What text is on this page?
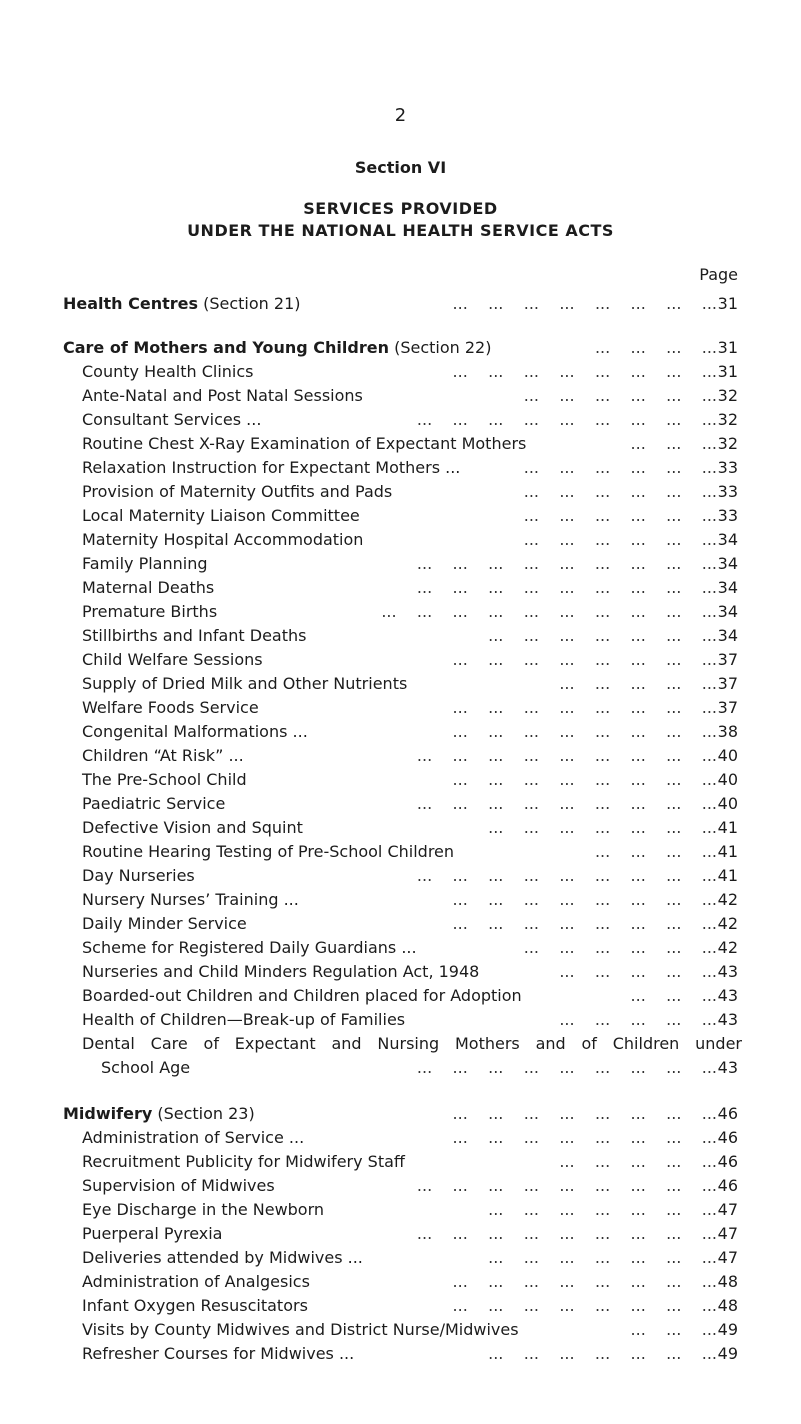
2
Section VI
SERVICES PROVIDED
UNDER THE NATIONAL HEALTH SERVICE ACTS
Page
Health Centres (Section 21)	...    ...    ...    ...    ...    ...    ...    ... 31
Care of Mothers and Young Children (Section 22)	...    ...    ...    ... 31
County Health Clinics	...    ...    ...    ...    ...    ...    ...    ... 31
Ante-Natal and Post Natal Sessions	...    ...    ...    ...    ...    ... 32
Consultant Services ...	...    ...    ...    ...    ...    ...    ...    ...    ... 32
Routine Chest X-Ray Examination of Expectant Mothers	...    ...    ... 32
Relaxation Instruction for Expectant Mothers ...	...    ...    ...    ...    ...    ... 33
Provision of Maternity Outfits and Pads	...    ...    ...    ...    ...    ... 33
Local Maternity Liaison Committee	...    ...    ...    ...    ...    ... 33
Maternity Hospital Accommodation	...    ...    ...    ...    ...    ... 34
Family Planning	...    ...    ...    ...    ...    ...    ...    ...    ... 34
Maternal Deaths	...    ...    ...    ...    ...    ...    ...    ...    ... 34
Premature Births	...    ...    ...    ...    ...    ...    ...    ...    ...    ... 34
Stillbirths and Infant Deaths	...    ...    ...    ...    ...    ...    ... 34
Child Welfare Sessions	...    ...    ...    ...    ...    ...    ...    ... 37
Supply of Dried Milk and Other Nutrients	...    ...    ...    ...    ... 37
Welfare Foods Service	...    ...    ...    ...    ...    ...    ...    ... 37
Congenital Malformations ...	...    ...    ...    ...    ...    ...    ...    ... 38
Children “At Risk” ...	...    ...    ...    ...    ...    ...    ...    ...    ... 40
The Pre-School Child	...    ...    ...    ...    ...    ...    ...    ... 40
Paediatric Service	...    ...    ...    ...    ...    ...    ...    ...    ... 40
Defective Vision and Squint	...    ...    ...    ...    ...    ...    ... 41
Routine Hearing Testing of Pre-School Children	...    ...    ...    ... 41
Day Nurseries	...    ...    ...    ...    ...    ...    ...    ...    ... 41
Nursery Nurses’ Training ...	...    ...    ...    ...    ...    ...    ...    ... 42
Daily Minder Service	...    ...    ...    ...    ...    ...    ...    ... 42
Scheme for Registered Daily Guardians ...	...    ...    ...    ...    ...    ... 42
Nurseries and Child Minders Regulation Act, 1948	...    ...    ...    ...    ... 43
Boarded-out Children and Children placed for Adoption	...    ...    ... 43
Health of Children—Break-up of Families	...    ...    ...    ...    ... 43
Dental Care of Expectant and Nursing Mothers and of Children under
School Age	...    ...    ...    ...    ...    ...    ...    ...    ... 43
Midwifery (Section 23)	...    ...    ...    ...    ...    ...    ...    ... 46
Administration of Service ...	...    ...    ...    ...    ...    ...    ...    ... 46
Recruitment Publicity for Midwifery Staff	...    ...    ...    ...    ... 46
Supervision of Midwives	...    ...    ...    ...    ...    ...    ...    ...    ... 46
Eye Discharge in the Newborn	...    ...    ...    ...    ...    ...    ... 47
Puerperal Pyrexia	...    ...    ...    ...    ...    ...    ...    ...    ... 47
Deliveries attended by Midwives ...	...    ...    ...    ...    ...    ...    ... 47
Administration of Analgesics	...    ...    ...    ...    ...    ...    ...    ... 48
Infant Oxygen Resuscitators	...    ...    ...    ...    ...    ...    ...    ... 48
Visits by County Midwives and District Nurse/Midwives	...    ...    ... 49
Refresher Courses for Midwives ...	...    ...    ...    ...    ...    ...    ... 49
